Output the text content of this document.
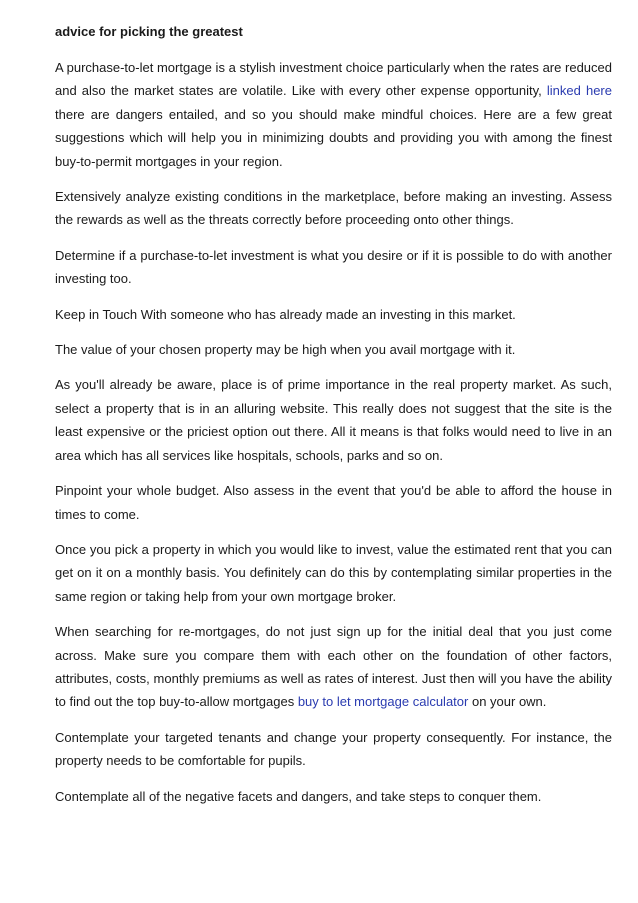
advice for picking the greatest

A purchase-to-let mortgage is a stylish investment choice particularly when the rates are reduced and also the market states are volatile. Like with every other expense opportunity, linked here there are dangers entailed, and so you should make mindful choices. Here are a few great suggestions which will help you in minimizing doubts and providing you with among the finest buy-to-permit mortgages in your region.

Extensively analyze existing conditions in the marketplace, before making an investing. Assess the rewards as well as the threats correctly before proceeding onto other things.

Determine if a purchase-to-let investment is what you desire or if it is possible to do with another investing too.

Keep in Touch With someone who has already made an investing in this market.

The value of your chosen property may be high when you avail mortgage with it.

As you'll already be aware, place is of prime importance in the real property market. As such, select a property that is in an alluring website. This really does not suggest that the site is the least expensive or the priciest option out there. All it means is that folks would need to live in an area which has all services like hospitals, schools, parks and so on.

Pinpoint your whole budget. Also assess in the event that you'd be able to afford the house in times to come.

Once you pick a property in which you would like to invest, value the estimated rent that you can get on it on a monthly basis. You definitely can do this by contemplating similar properties in the same region or taking help from your own mortgage broker.

When searching for re-mortgages, do not just sign up for the initial deal that you just come across. Make sure you compare them with each other on the foundation of other factors, attributes, costs, monthly premiums as well as rates of interest. Just then will you have the ability to find out the top buy-to-allow mortgages buy to let mortgage calculator on your own.

Contemplate your targeted tenants and change your property consequently. For instance, the property needs to be comfortable for pupils.

Contemplate all of the negative facets and dangers, and take steps to conquer them.
